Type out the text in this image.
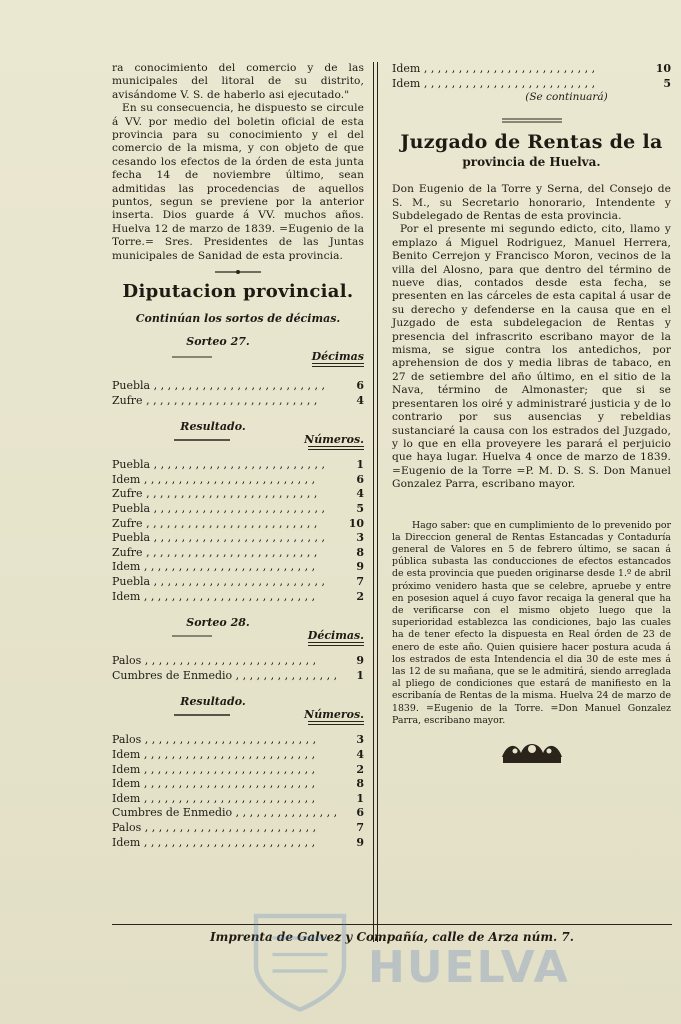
ra conocimiento del comercio y de las municipales del litoral de su distrito, avisándome V. S. de haberlo asi ejecutado."

En su consecuencia, he dispuesto se circule á VV. por medio del boletin oficial de esta provincia para su conocimiento y el del comercio de la misma, y con objeto de que cesando los efectos de la órden de esta junta fecha 14 de noviembre último, sean admitidas las procedencias de aquellos puntos, segun se previene por la anterior inserta. Dios guarde á VV. muchos años. Huelva 12 de marzo de 1839. =Eugenio de la Torre.= Sres. Presidentes de las Juntas municipales de Sanidad de esta provincia.

Diputacion provincial.

Continúan los sortos de décimas.

Sorteo 27.

Décimas
Puebla , , , , , , , , , , , , , , , , , , , , , , , , ,	6
Zufre , , , , , , , , , , , , , , , , , , , , , , , , ,	4

Resultado.

Números.
Puebla , , , , , , , , , , , , , , , , , , , , , , , , ,	1
Idem , , , , , , , , , , , , , , , , , , , , , , , , ,	6
Zufre , , , , , , , , , , , , , , , , , , , , , , , , ,	4
Puebla , , , , , , , , , , , , , , , , , , , , , , , , ,	5
Zufre , , , , , , , , , , , , , , , , , , , , , , , , ,	10
Puebla , , , , , , , , , , , , , , , , , , , , , , , , ,	3
Zufre , , , , , , , , , , , , , , , , , , , , , , , , ,	8
Idem , , , , , , , , , , , , , , , , , , , , , , , , ,	9
Puebla , , , , , , , , , , , , , , , , , , , , , , , , ,	7
Idem , , , , , , , , , , , , , , , , , , , , , , , , ,	2

Sorteo 28.

Décimas.
Palos , , , , , , , , , , , , , , , , , , , , , , , , ,	9
Cumbres de Enmedio , , , , , , , , , , , , , , , , , , , , , , , , ,	1

Resultado.

Números.
Palos , , , , , , , , , , , , , , , , , , , , , , , , ,	3
Idem , , , , , , , , , , , , , , , , , , , , , , , , ,	4
Idem , , , , , , , , , , , , , , , , , , , , , , , , ,	2
Idem , , , , , , , , , , , , , , , , , , , , , , , , ,	8
Idem , , , , , , , , , , , , , , , , , , , , , , , , ,	1
Cumbres de Enmedio , , , , , , , , , , , , , , , , , , , , , , , , ,	6
Palos , , , , , , , , , , , , , , , , , , , , , , , , ,	7
Idem , , , , , , , , , , , , , , , , , , , , , , , , ,	9
Idem , , , , , , , , , , , , , , , , , , , , , , , , ,	10
Idem , , , , , , , , , , , , , , , , , , , , , , , , ,	5

(Se continuará)

Juzgado de Rentas de la

provincia de Huelva.

Don Eugenio de la Torre y Serna, del Consejo de S. M., su Secretario honorario, Intendente y Subdelegado de Rentas de esta provincia.

Por el presente mi segundo edicto, cito, llamo y emplazo á Miguel Rodriguez, Manuel Herrera, Benito Cerrejon y Francisco Moron, vecinos de la villa del Alosno, para que dentro del término de nueve dias, contados desde esta fecha, se presenten en las cárceles de esta capital á usar de su derecho y defenderse en la causa que en el Juzgado de esta subdelegacion de Rentas y presencia del infrascrito escribano mayor de la misma, se sigue contra los antedichos, por aprehension de dos y media libras de tabaco, en 27 de setiembre del año último, en el sitio de la Nava, término de Almonaster; que si se presentaren los oiré y administraré justicia y de lo contrario por sus ausencias y rebeldias sustanciaré la causa con los estrados del Juzgado, y lo que en ella proveyere les parará el perjuicio que haya lugar. Huelva 4 once de marzo de 1839. =Eugenio de la Torre =P. M. D. S. S. Don Manuel Gonzalez Parra, escribano mayor.

Hago saber: que en cumplimiento de lo prevenido por la Direccion general de Rentas Estancadas y Contaduría general de Valores en 5 de febrero último, se sacan á pública subasta las conducciones de efectos estancados de esta provincia que pueden originarse desde 1.º de abril próximo venidero hasta que se celebre, apruebe y entre en posesion aquel á cuyo favor recaiga la general que ha de verificarse con el mismo objeto luego que la superioridad establezca las condiciones, bajo las cuales ha de tener efecto la dispuesta en Real órden de 23 de enero de este año. Quien quisiere hacer postura acuda á los estrados de esta Intendencia el dia 30 de este mes á las 12 de su mañana, que se le admitirá, siendo arreglada al pliego de condiciones que estará de manifiesto en la escribanía de Rentas de la misma. Huelva 24 de marzo de 1839. =Eugenio de la Torre. =Don Manuel Gonzalez Parra, escribano mayor.

Imprenta de Galvez y Compañía, calle de Arza núm. 7.

HUELVA
